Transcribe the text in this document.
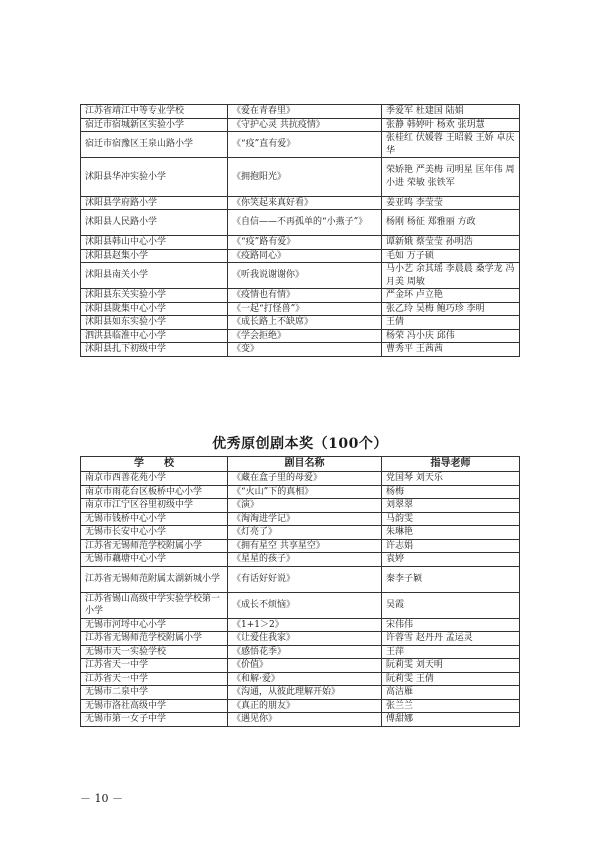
江苏省靖江中等专业学校	《爱在青春里》	季爱军 杜建国 陆娟
宿迁市宿城新区实验小学	《守护心灵 共抗疫情》	张静 韩婷叶 杨欢 张玥慧
宿迁市宿豫区王泉山路小学	《“疫”直有爱》	张桂红 伏媛蓉 王昭毅 王娇 卓庆华
沭阳县华冲实验小学	《拥抱阳光》	荣娇艳 严美梅 司明星 匡年伟 周小进 荣敏 张铁军
沭阳县学府路小学	《你笑起来真好看》	姜亚鸣 李莹莹
沭阳县人民路小学	《自信——不再孤单的“小燕子”》	杨刚 杨征 郑雅丽 方政
沭阳县韩山中心小学	《“疫”路有爱》	谭新娥 蔡莹莹 孙明浩
沭阳县赵集小学	《疫路同心》	毛如 万子硕
沭阳县南关小学	《听我说谢谢你》	马小艺 余其瑶 李晨晨 桑学龙 冯月美 周敏
沭阳县东关实验小学	《疫情也有情》	严金环 卢立艳
沭阳县陇集中心小学	《一起“打怪兽”》	张乙玲 吴梅 鲍巧珍 李明
沭阳县如东实验小学	《成长路上不缺席》	王倩
泗洪县临淮中心小学	《学会拒绝》	杨荣 冯小庆 邱伟
沭阳县扎下初级中学	《变》	曹秀平 王茜茜
优秀原创剧本奖（100个）
学　　校	剧目名称	指导老师
南京市西善花苑小学	《藏在盒子里的母爱》	党国琴 刘天乐
南京市雨花台区板桥中心小学	《“火山”下的真相》	杨梅
南京市江宁区谷里初级中学	《演》	刘翠翠
无锡市钱桥中心小学	《淘淘进学记》	马韵雯
无锡市长安中心小学	《灯亮了》	朱琳艳
江苏省无锡师范学校附属小学	《拥有星空 共享星空》	许志娟
无锡市藕塘中心小学	《星星的孩子》	袁婷
江苏省无锡师范附属太湖新城小学	《有话好好说》	秦李子颖
江苏省锡山高级中学实验学校第一小学	《成长不烦恼》	吴霞
无锡市河埒中心小学	《1+1＞2》	宋伟伟
江苏省无锡师范学校附属小学	《让爱住我家》	许蓉雪 赵丹丹 孟运灵
无锡市天一实验学校	《感悟花季》	王萍
江苏省天一中学	《价值》	阮莉雯 刘天明
江苏省天一中学	《和解·爱》	阮莉雯 王倩
无锡市二泉中学	《沟通，从彼此理解开始》	高洁雁
无锡市洛社高级中学	《真正的朋友》	张兰兰
无锡市第一女子中学	《遇见你》	傅甜娜
－ 10 －
